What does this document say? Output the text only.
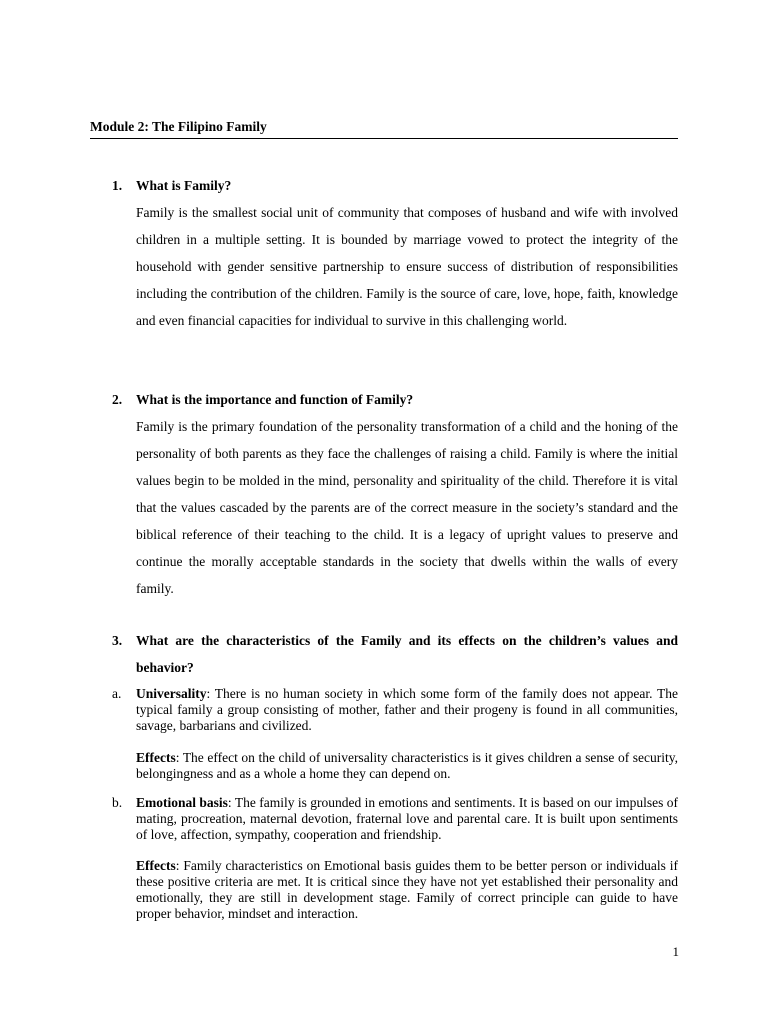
Module 2: The Filipino Family
1.	What is Family?
Family is the smallest social unit of community that composes of husband and wife with involved children in a multiple setting. It is bounded by marriage vowed to protect the integrity of the household with gender sensitive partnership to ensure success of distribution of responsibilities including the contribution of the children. Family is the source of care, love, hope, faith, knowledge and even financial capacities for individual to survive in this challenging world.
2.	What is the importance and function of Family?
Family is the primary foundation of the personality transformation of a child and the honing of the personality of both parents as they face the challenges of raising a child. Family is where the initial values begin to be molded in the mind, personality and spirituality of the child. Therefore it is vital that the values cascaded by the parents are of the correct measure in the society’s standard and the biblical reference of their teaching to the child. It is a legacy of upright values to preserve and continue the morally acceptable standards in the society that dwells within the walls of every family.
3.	What are the characteristics of the Family and its effects on the children’s values and behavior?
a.	Universality: There is no human society in which some form of the family does not appear. The typical family a group consisting of mother, father and their progeny is found in all communities, savage, barbarians and civilized.
Effects: The effect on the child of universality characteristics is it gives children a sense of security, belongingness and as a whole a home they can depend on.
b.	Emotional basis: The family is grounded in emotions and sentiments. It is based on our impulses of mating, procreation, maternal devotion, fraternal love and parental care. It is built upon sentiments of love, affection, sympathy, cooperation and friendship.
Effects: Family characteristics on Emotional basis guides them to be better person or individuals if these positive criteria are met. It is critical since they have not yet established their personality and emotionally, they are still in development stage. Family of correct principle can guide to have proper behavior, mindset and interaction.
1
